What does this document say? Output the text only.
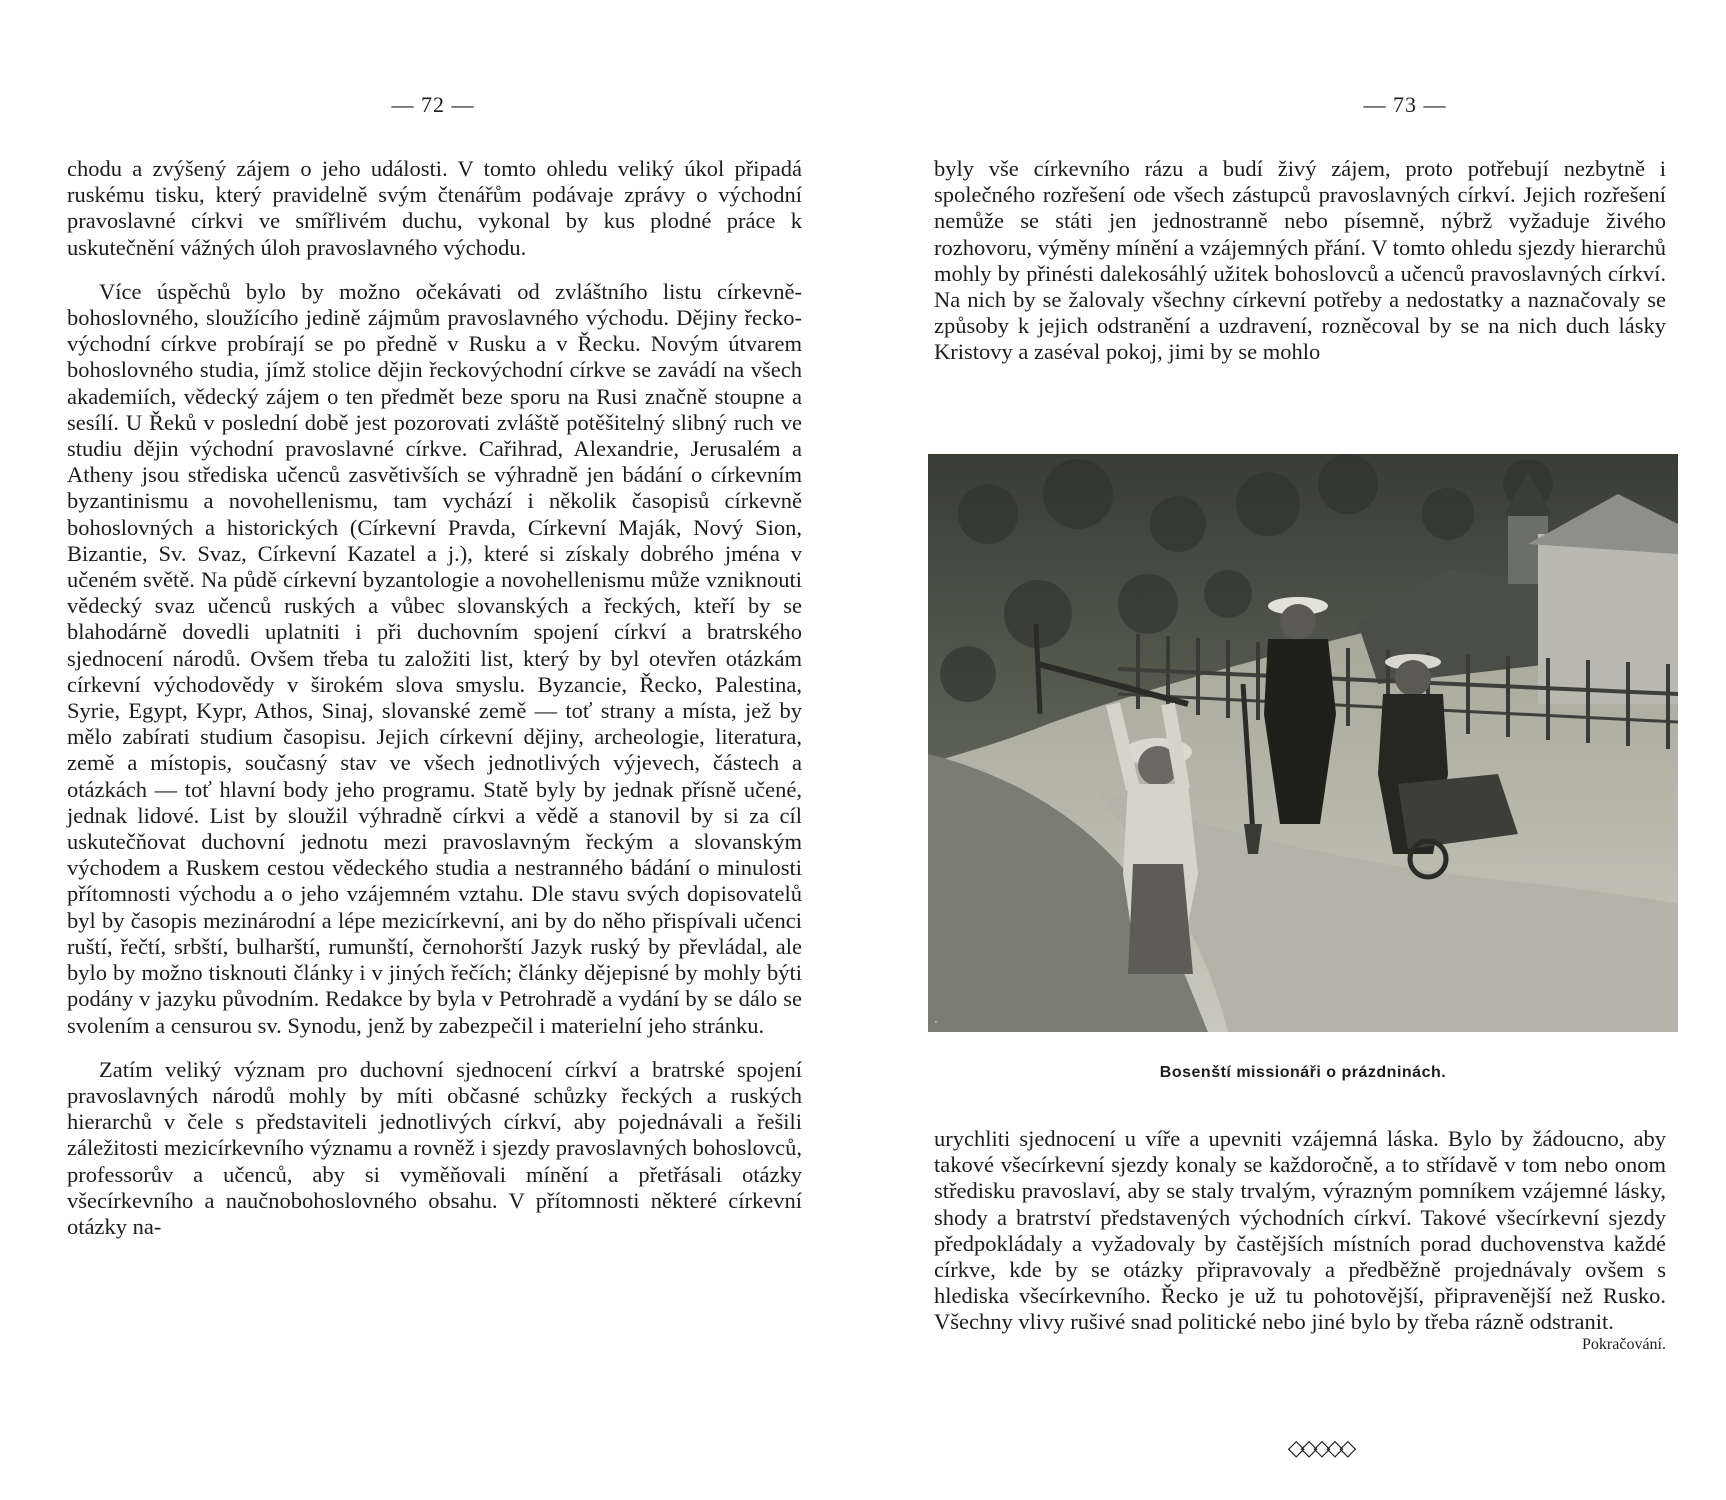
— 72 —

chodu a zvýšený zájem o jeho události. V tomto ohledu veliký úkol připadá ruskému tisku, který pravidelně svým čtenářům podávaje zprávy o východní pravoslavné církvi ve smířlivém duchu, vykonal by kus plodné práce k uskutečnění vážných úloh pravoslavného východu.

Více úspěchů bylo by možno očekávati od zvláštního listu církevně-bohoslovného, sloužícího jedině zájmům pravoslavného východu. Dějiny řecko-východní církve probírají se po předně v Rusku a v Řecku. Novým útvarem bohoslovného studia, jímž stolice dějin řeckovýchodní církve se zavádí na všech akademiích, vědecký zájem o ten předmět beze sporu na Rusi značně stoupne a sesílí. U Řeků v poslední době jest pozorovati zvláště potěšitelný slibný ruch ve studiu dějin východní pravoslavné církve. Cařihrad, Alexandrie, Jerusalém a Atheny jsou střediska učenců zasvětivších se výhradně jen bádání o církevním byzantinismu a novohellenismu, tam vychází i několik časopisů církevně bohoslovných a historických (Církevní Pravda, Církevní Maják, Nový Sion, Bizantie, Sv. Svaz, Církevní Kazatel a j.), které si získaly dobrého jména v učeném světě. Na půdě církevní byzantologie a novohellenismu může vzniknouti vědecký svaz učenců ruských a vůbec slovanských a řeckých, kteří by se blahodárně dovedli uplatniti i při duchovním spojení církví a bratrského sjednocení národů. Ovšem třeba tu založiti list, který by byl otevřen otázkám církevní východovědy v širokém slova smyslu. Byzancie, Řecko, Palestina, Syrie, Egypt, Kypr, Athos, Sinaj, slovanské země — toť strany a místa, jež by mělo zabírati studium časopisu. Jejich církevní dějiny, archeologie, literatura, země a místopis, současný stav ve všech jednotlivých výjevech, částech a otázkách — toť hlavní body jeho programu. Statě byly by jednak přísně učené, jednak lidové. List by sloužil výhradně církvi a vědě a stanovil by si za cíl uskutečňovat duchovní jednotu mezi pravoslavným řeckým a slovanským východem a Ruskem cestou vědeckého studia a nestranného bádání o minulosti přítomnosti východu a o jeho vzájemném vztahu. Dle stavu svých dopisovatelů byl by časopis mezinárodní a lépe mezicírkevní, ani by do něho přispívali učenci ruští, řečtí, srbští, bulharští, rumunští, černohorští Jazyk ruský by převládal, ale bylo by možno tisknouti články i v jiných řečích; články dějepisné by mohly býti podány v jazyku původním. Redakce by byla v Petrohradě a vydání by se dálo se svolením a censurou sv. Synodu, jenž by zabezpečil i materielní jeho stránku.

Zatím veliký význam pro duchovní sjednocení církví a bratrské spojení pravoslavných národů mohly by míti občasné schůzky řeckých a ruských hierarchů v čele s představiteli jednotlivých církví, aby pojednávali a řešili záležitosti mezicírkevního významu a rovněž i sjezdy pravoslavných bohoslovců, professorův a učenců, aby si vyměňovali mínění a přetřásali otázky všecírkevního a naučnobohoslovného obsahu. V přítomnosti některé církevní otázky na-

— 73 —

byly vše církevního rázu a budí živý zájem, proto potřebují nezbytně i společného rozřešení ode všech zástupců pravoslavných církví. Jejich rozřešení nemůže se státi jen jednostranně nebo písemně, nýbrž vyžaduje živého rozhovoru, výměny mínění a vzájemných přání. V tomto ohledu sjezdy hierarchů mohly by přinésti dalekosáhlý užitek bohoslovců a učenců pravoslavných církví. Na nich by se žalovaly všechny církevní potřeby a nedostatky a naznačovaly se způsoby k jejich odstranění a uzdravení, rozněcoval by se na nich duch lásky Kristovy a zaséval pokoj, jimi by se mohlo

·
Bosenští missionáři o prázdninách.

urychliti sjednocení u víře a upevniti vzájemná láska. Bylo by žádoucno, aby takové všecírkevní sjezdy konaly se každoročně, a to střídavě v tom nebo onom středisku pravoslaví, aby se staly trvalým, výrazným pomníkem vzájemné lásky, shody a bratrství představených východních církví. Takové všecírkevní sjezdy předpokládaly a vyžadovaly by častějších místních porad duchovenstva každé církve, kde by se otázky připravovaly a předběžně projednávaly ovšem s hlediska všecírkevního. Řecko je už tu pohotovější, připravenější než Rusko. Všechny vlivy rušivé snad politické nebo jiné bylo by třeba rázně odstranit.

Pokračování.
◇◇◇◇◇
